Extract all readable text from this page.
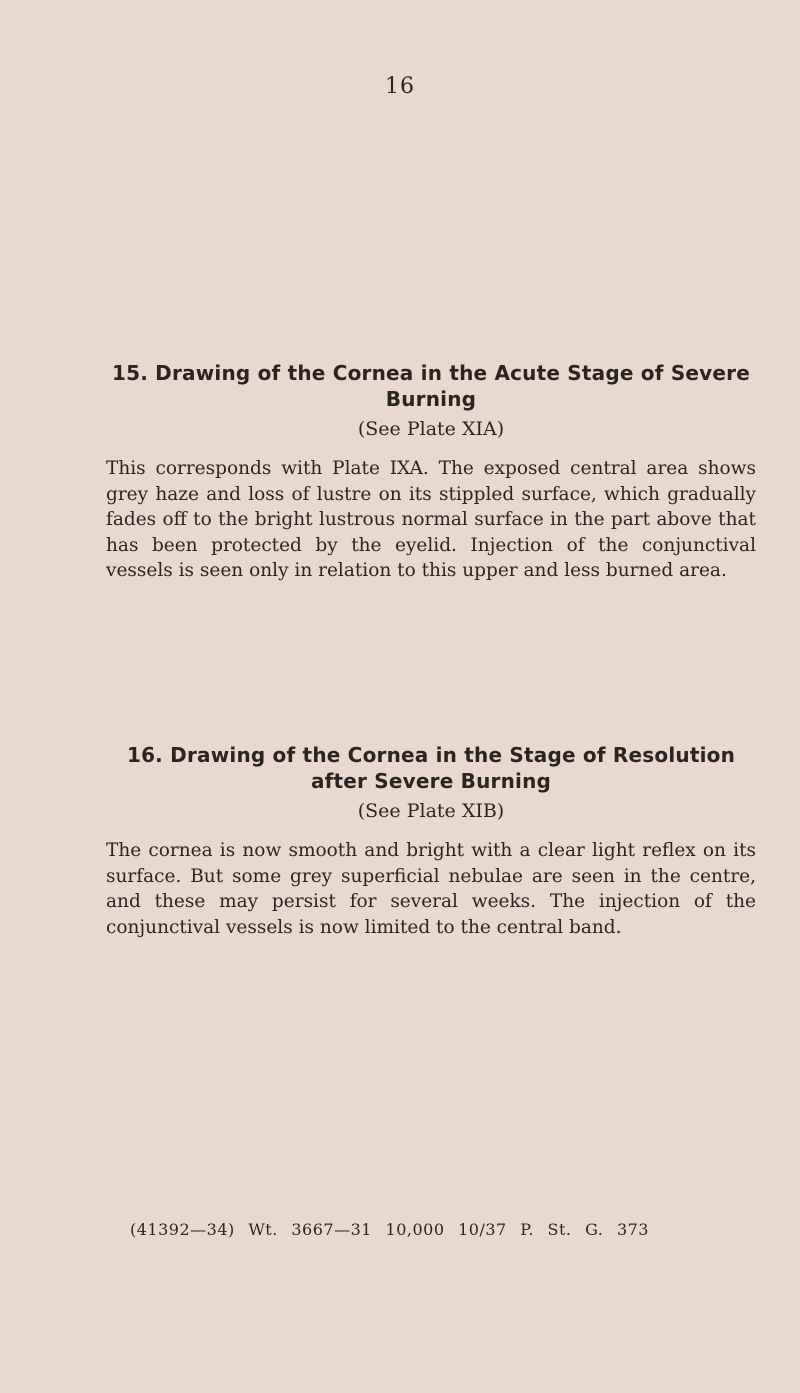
16
15. Drawing of the Cornea in the Acute Stage of Severe Burning
(See Plate XIA)

This corresponds with Plate IXA. The exposed central area shows grey haze and loss of lustre on its stippled surface, which gradually fades off to the bright lustrous normal surface in the part above that has been protected by the eyelid. Injection of the conjunctival vessels is seen only in relation to this upper and less burned area.

16. Drawing of the Cornea in the Stage of Resolution after Severe Burning
(See Plate XIB)

The cornea is now smooth and bright with a clear light reflex on its surface. But some grey superficial nebulae are seen in the centre, and these may persist for several weeks. The injection of the conjunctival vessels is now limited to the central band.

(41392—34) Wt. 3667—31 10,000 10/37 P. St. G. 373
